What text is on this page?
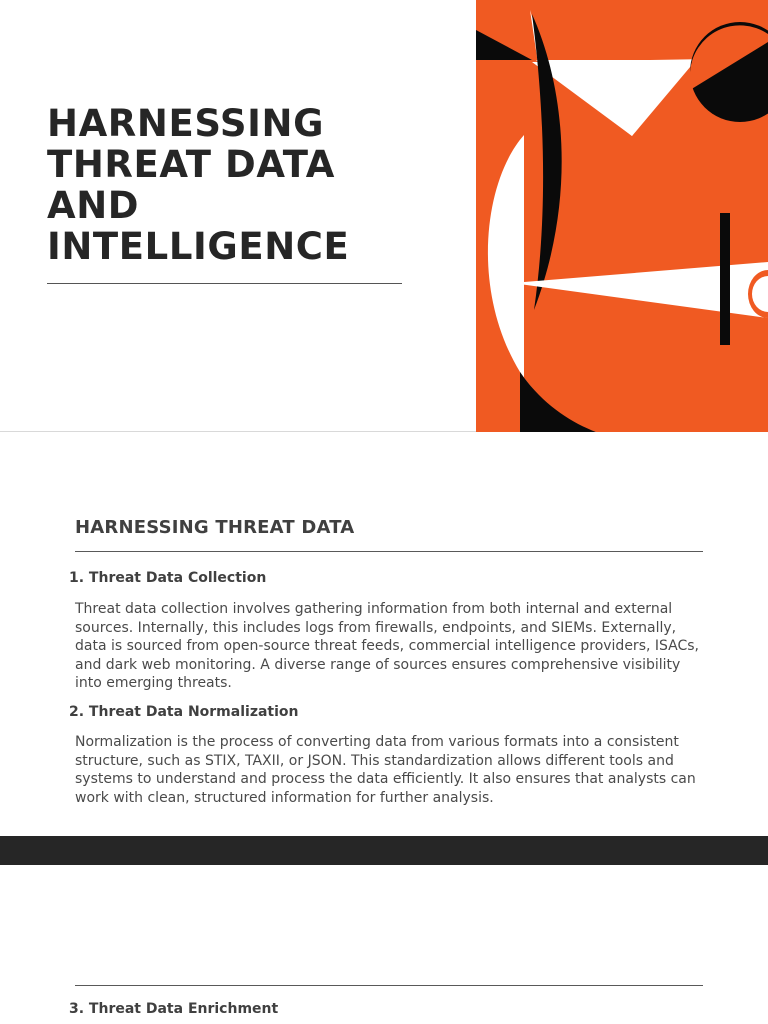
HARNESSING
THREAT DATA
AND
INTELLIGENCE
HARNESSING THREAT DATA
1. Threat Data Collection

Threat data collection involves gathering information from both internal and external sources. Internally, this includes logs from firewalls, endpoints, and SIEMs. Externally, data is sourced from open-source threat feeds, commercial intelligence providers, ISACs, and dark web monitoring. A diverse range of sources ensures comprehensive visibility into emerging threats.

2. Threat Data Normalization

Normalization is the process of converting data from various formats into a consistent structure, such as STIX, TAXII, or JSON. This standardization allows different tools and systems to understand and process the data efficiently. It also ensures that analysts can work with clean, structured information for further analysis.

3. Threat Data Enrichment
